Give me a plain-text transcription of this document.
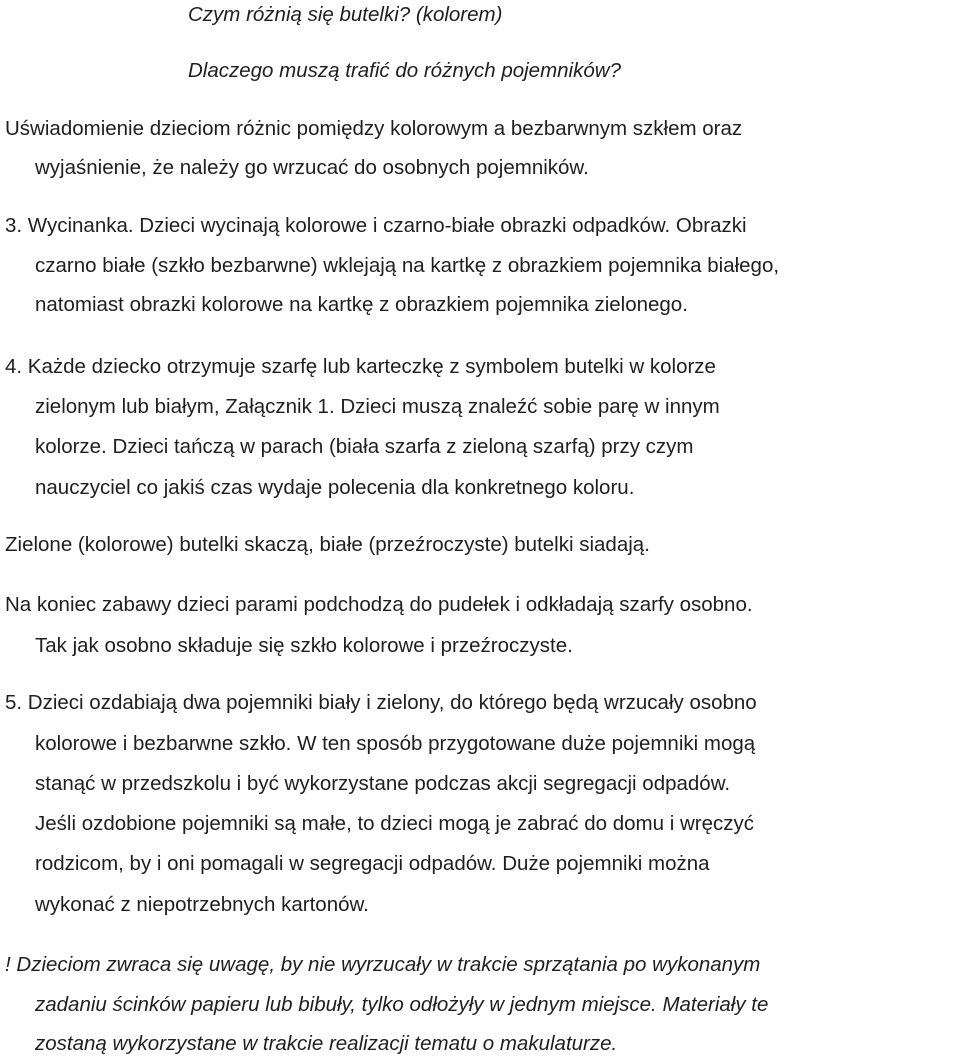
Czym różnią się butelki? (kolorem)
Dlaczego muszą trafić do różnych pojemników?
Uświadomienie dzieciom różnic pomiędzy kolorowym a bezbarwnym szkłem oraz
wyjaśnienie, że należy go wrzucać do osobnych pojemników.
3. Wycinanka. Dzieci wycinają kolorowe i czarno-białe obrazki odpadków. Obrazki
czarno białe (szkło bezbarwne) wklejają na kartkę z obrazkiem pojemnika białego,
natomiast obrazki kolorowe na kartkę z obrazkiem pojemnika zielonego.
4. Każde dziecko otrzymuje szarfę lub karteczkę z symbolem butelki w kolorze
zielonym lub białym, Załącznik 1. Dzieci muszą znaleźć sobie parę w innym
kolorze. Dzieci tańczą w parach (biała szarfa z zieloną szarfą) przy czym
nauczyciel co jakiś czas wydaje polecenia dla konkretnego koloru.
Zielone (kolorowe) butelki skaczą, białe (przeźroczyste) butelki siadają.
Na koniec zabawy dzieci parami podchodzą do pudełek i odkładają szarfy osobno.
Tak jak osobno składuje się szkło kolorowe i przeźroczyste.
5. Dzieci ozdabiają dwa pojemniki biały i zielony, do którego będą wrzucały osobno
kolorowe i bezbarwne szkło. W ten sposób przygotowane duże pojemniki mogą
stanąć w przedszkolu i być wykorzystane podczas akcji segregacji odpadów.
Jeśli ozdobione pojemniki są małe, to dzieci mogą je zabrać do domu i wręczyć
rodzicom, by i oni pomagali w segregacji odpadów. Duże pojemniki można
wykonać z niepotrzebnych kartonów.
! Dzieciom zwraca się uwagę, by nie wyrzucały w trakcie sprzątania po wykonanym
zadaniu ścinków papieru lub bibuły, tylko odłożyły w jednym miejsce. Materiały te
zostaną wykorzystane w trakcie realizacji tematu o makulaturze.
